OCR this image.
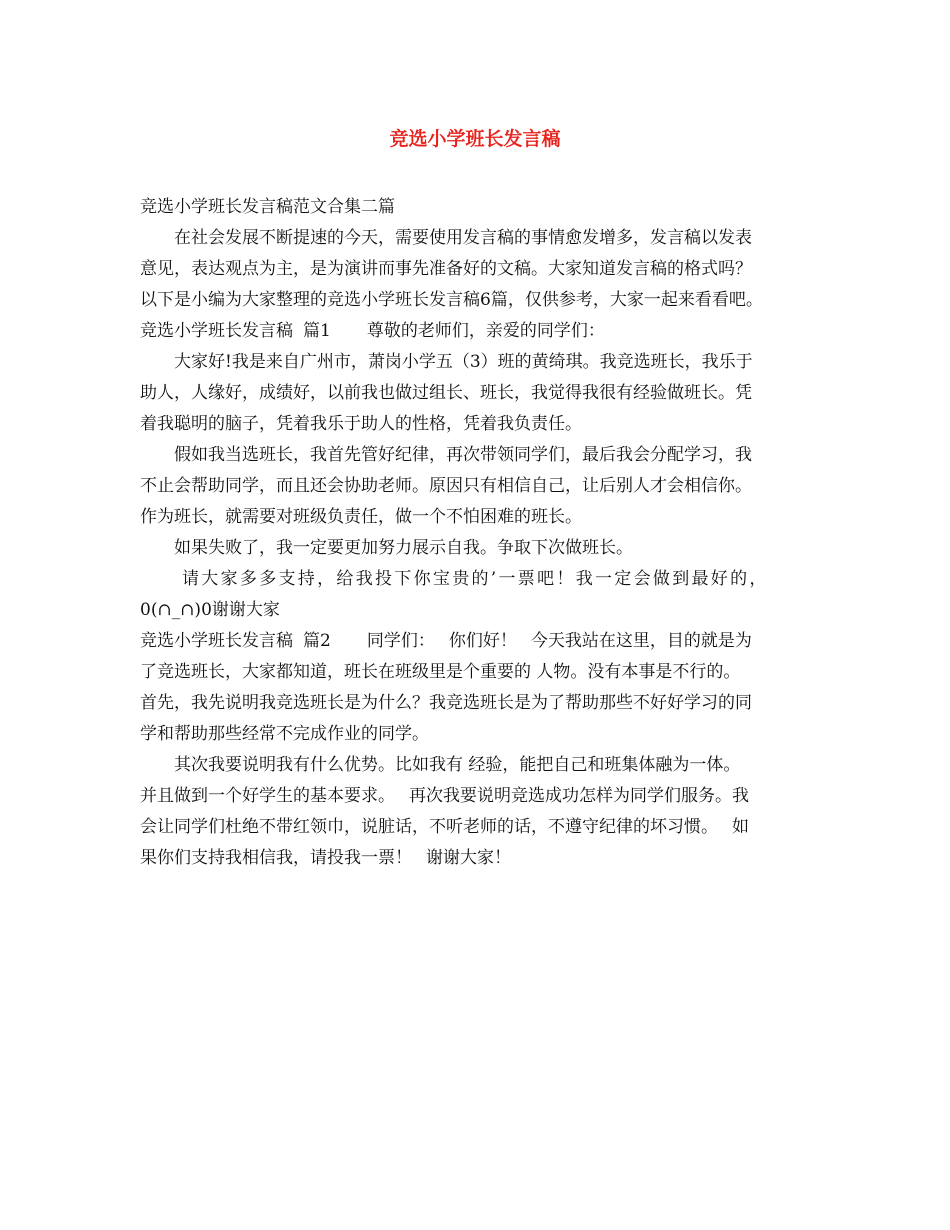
竞选小学班长发言稿
竞选小学班长发言稿范文合集二篇
在社会发展不断提速的今天，需要使用发言稿的事情愈发增多，发言稿以发表
意见，表达观点为主，是为演讲而事先准备好的文稿。大家知道发言稿的格式吗？
以下是小编为大家整理的竞选小学班长发言稿6篇，仅供参考，大家一起来看看吧。
竞选小学班长发言稿 篇1 尊敬的老师们，亲爱的同学们：
大家好!我是来自广州市，萧岗小学五（3）班的黄绮琪。我竞选班长，我乐于
助人，人缘好，成绩好，以前我也做过组长、班长，我觉得我很有经验做班长。凭
着我聪明的脑子，凭着我乐于助人的性格，凭着我负责任。
假如我当选班长，我首先管好纪律，再次带领同学们，最后我会分配学习，我
不止会帮助同学，而且还会协助老师。原因只有相信自己，让后别人才会相信你。
作为班长，就需要对班级负责任，做一个不怕困难的班长。
如果失败了，我一定要更加努力展示自我。争取下次做班长。
请大家多多支持，给我投下你宝贵的’一票吧！我一定会做到最好的，
0(∩_∩)0谢谢大家
竞选小学班长发言稿 篇2 同学们： 你们好！ 今天我站在这里，目的就是为
了竞选班长，大家都知道，班长在班级里是个重要的 人物。没有本事是不行的。
首先，我先说明我竞选班长是为什么？我竞选班长是为了帮助那些不好好学习的同
学和帮助那些经常不完成作业的同学。
其次我要说明我有什么优势。比如我有 经验，能把自己和班集体融为一体。
并且做到一个好学生的基本要求。 再次我要说明竞选成功怎样为同学们服务。我
会让同学们杜绝不带红领巾，说脏话，不听老师的话，不遵守纪律的坏习惯。 如
果你们支持我相信我，请投我一票！ 谢谢大家！
